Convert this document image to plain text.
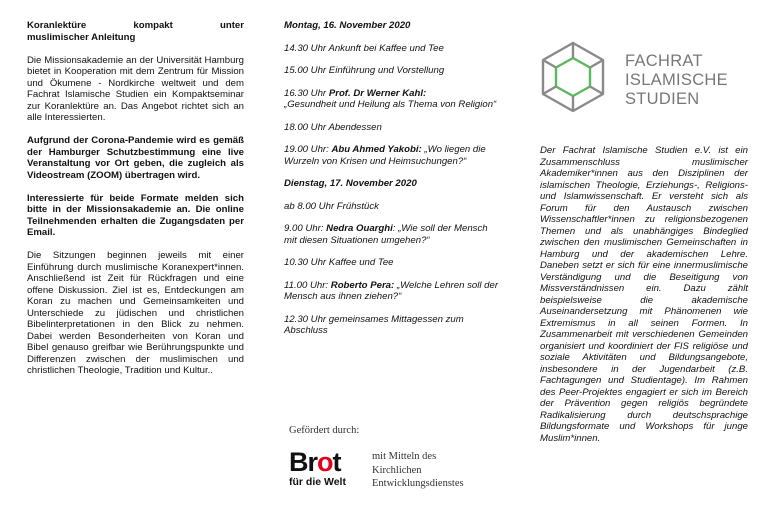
Koranlektüre	kompakt	unter
muslimischer Anleitung

Die Missionsakademie an der Universität Hamburg bietet in Kooperation mit dem Zentrum für Mission und Ökumene - Nordkirche weltweit und dem Fachrat Islamische Studien ein Kompaktseminar zur Koranlektüre an. Das Angebot richtet sich an alle Interessierten.

Aufgrund der Corona-Pandemie wird es gemäß der Hamburger Schutzbestimmung eine live Veranstaltung vor Ort geben, die zugleich als Videostream (ZOOM) übertragen wird.

Interessierte für beide Formate melden sich bitte in der Missionsakademie an. Die online Teilnehmenden erhalten die Zugangsdaten per Email.

Die Sitzungen beginnen jeweils mit einer Einführung durch muslimische Koranexpert*innen. Anschließend ist Zeit für Rückfragen und eine offene Diskussion. Ziel ist es, Entdeckungen am Koran zu machen und Gemeinsamkeiten und Unterschiede zu jüdischen und christlichen Bibelinterpretationen in den Blick zu nehmen. Dabei werden Besonderheiten von Koran und Bibel genauso greifbar wie Berührungspunkte und Differenzen zwischen der muslimischen und christlichen Theologie, Tradition und Kultur..

Montag, 16. November 2020
14.30 Uhr Ankunft bei Kaffee und Tee
15.00 Uhr Einführung und Vorstellung
16.30 Uhr Prof. Dr Werner Kahl:
„Gesundheit und Heilung als Thema von Religion“
18.00 Uhr Abendessen
19.00 Uhr: Abu Ahmed Yakobi: „Wo liegen die Wurzeln von Krisen und Heimsuchungen?“
Dienstag, 17. November 2020
ab 8.00 Uhr Frühstück
9.00 Uhr: Nedra Ouarghi: „Wie soll der Mensch mit diesen Situationen umgehen?“
10.30 Uhr Kaffee und Tee
11.00 Uhr: Roberto Pera: „Welche Lehren soll der Mensch aus ihnen ziehen?“
12.30 Uhr gemeinsames Mittagessen zum Abschluss
Gefördert durch:
Brot
für die Welt
mit Mitteln des
Kirchlichen
Entwicklungsdienstes
FACHRAT
ISLAMISCHE
STUDIEN

Der Fachrat Islamische Studien e.V. ist ein Zusammenschluss muslimischer Akademiker*innen aus den Disziplinen der islamischen Theologie, Erziehungs-, Religions- und Islamwissenschaft. Er versteht sich als Forum für den Austausch zwischen Wissenschaftler*innen zu religionsbezogenen Themen und als unabhängiges Bindeglied zwischen den muslimischen Gemeinschaften in Hamburg und der akademischen Lehre. Daneben setzt er sich für eine innermuslimische Verständigung und die Beseitigung von Missverständnissen ein. Dazu zählt beispielsweise die akademische Auseinandersetzung mit Phänomenen wie Extremismus in all seinen Formen. In Zusammenarbeit mit verschiedenen Gemeinden organisiert und koordiniert der FIS religiöse und soziale Aktivitäten und Bildungsangebote, insbesondere in der Jugendarbeit (z.B. Fachtagungen und Studientage). Im Rahmen des Peer-Projektes engagiert er sich im Bereich der Prävention gegen religiös begründete Radikalisierung durch deutschsprachige Bildungsformate und Workshops für junge Muslim*innen.
